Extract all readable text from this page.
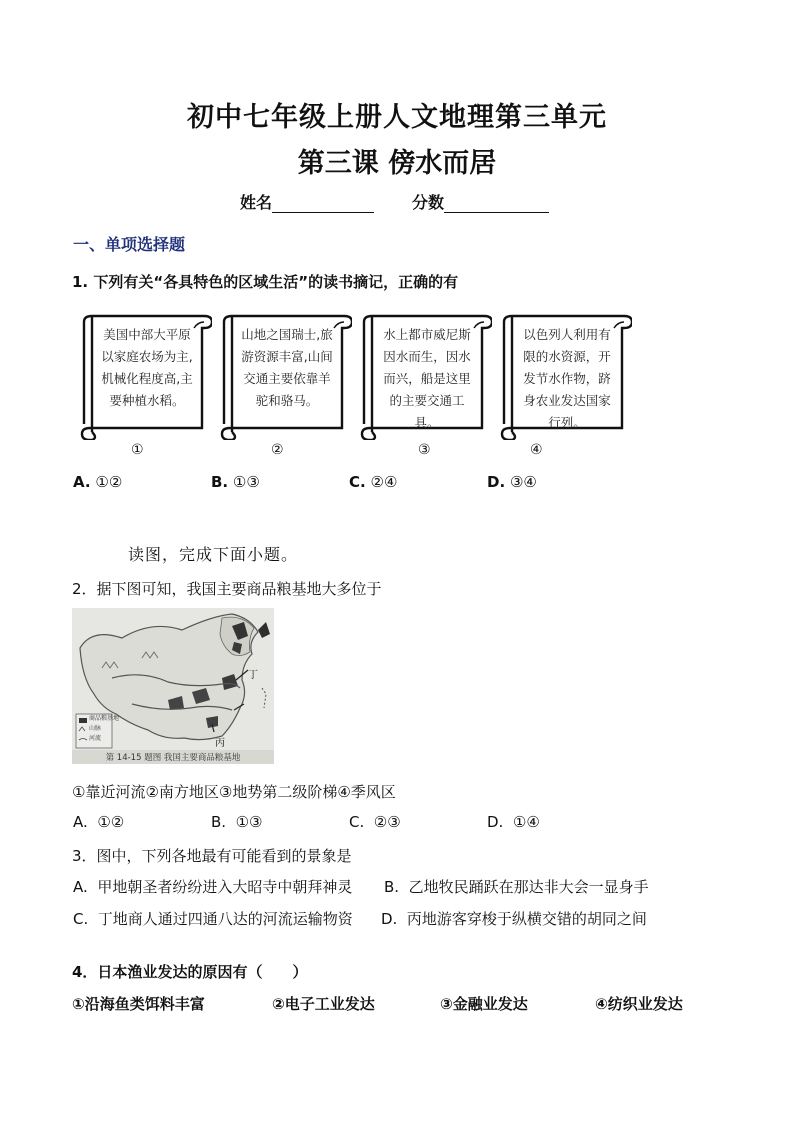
初中七年级上册人文地理第三单元
第三课 傍水而居
姓名	分数
一、单项选择题
1. 下列有关“各具特色的区域生活”的读书摘记，正确的有
美国中部大平原以家庭农场为主,机械化程度高,主要种植水稻。
山地之国瑞士,旅游资源丰富,山间交通主要依靠羊驼和骆马。
水上都市威尼斯因水而生，因水而兴，船是这里的主要交通工具。
以色列人利用有限的水资源，开发节水作物，跻身农业发达国家行列。
①	②	③	④
A. ①②	B. ①③	C. ②④	D. ③④
读图，完成下面小题。
2．据下图可知，我国主要商品粮基地大多位于
丁
丙
商品粮基地
山脉
河流
第 14-15 题图 我国主要商品粮基地
①靠近河流②南方地区③地势第二级阶梯④季风区
A. ①②	B. ①③	C. ②③	D. ①④
3．图中，下列各地最有可能看到的景象是
A. 甲地朝圣者纷纷进入大昭寺中朝拜神灵 B. 乙地牧民踊跃在那达非大会一显身手
C. 丁地商人通过四通八达的河流运输物资 D. 丙地游客穿梭于纵横交错的胡同之间
4．日本渔业发达的原因有（　　）
①沿海鱼类饵料丰富	②电子工业发达	③金融业发达	④纺织业发达
